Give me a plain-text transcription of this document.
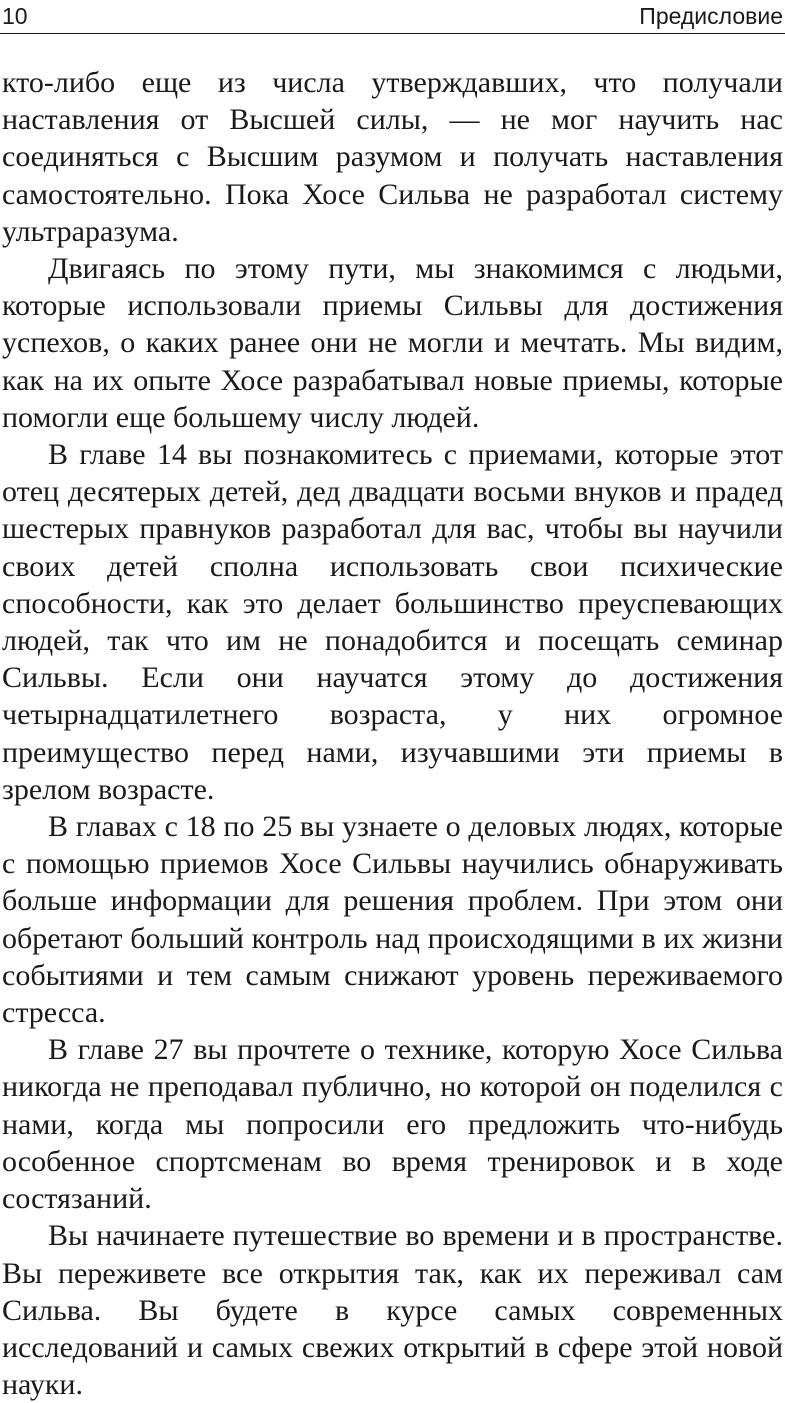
10	Предисловие

кто-либо еще из числа утверждавших, что получали наставления от Высшей силы, — не мог научить нас соединяться с Высшим разумом и получать наставления самостоятельно. Пока Хосе Сильва не разработал систему ультраразума.

Двигаясь по этому пути, мы знакомимся с людьми, которые использовали приемы Сильвы для достижения успехов, о каких ранее они не могли и мечтать. Мы видим, как на их опыте Хосе разрабатывал новые приемы, которые помогли еще большему числу людей.

В главе 14 вы познакомитесь с приемами, которые этот отец десятерых детей, дед двадцати восьми внуков и прадед шестерых правнуков разработал для вас, чтобы вы научили своих детей сполна использовать свои психические способности, как это делает большинство преуспевающих людей, так что им не понадобится и посещать семинар Сильвы. Если они научатся этому до достижения четырнадцатилетнего возраста, у них огромное преимущество перед нами, изучавшими эти приемы в зрелом возрасте.

В главах с 18 по 25 вы узнаете о деловых людях, которые с помощью приемов Хосе Сильвы научились обнаруживать больше информации для решения проблем. При этом они обретают больший контроль над происходящими в их жизни событиями и тем самым снижают уровень переживаемого стресса.

В главе 27 вы прочтете о технике, которую Хосе Сильва никогда не преподавал публично, но которой он поделился с нами, когда мы попросили его предложить что-нибудь особенное спортсменам во время тренировок и в ходе состязаний.

Вы начинаете путешествие во времени и в пространстве. Вы переживете все открытия так, как их переживал сам Сильва. Вы будете в курсе самых современных исследований и самых свежих открытий в сфере этой новой науки.
